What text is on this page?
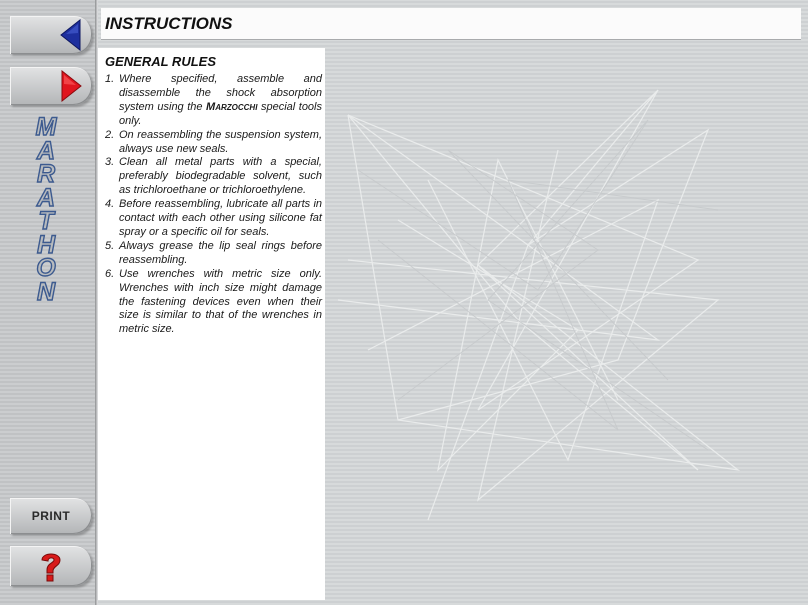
M
A
R
A
T
H
O
N
PRINT
INSTRUCTIONS
GENERAL RULES
1. Where specified, assemble and disassemble the shock absorption system using the Marzocchi special tools only.
2. On reassembling the suspension system, always use new seals.
3. Clean all metal parts with a special, preferably biodegradable solvent, such as trichloroethane or trichloroethylene.
4. Before reassembling, lubricate all parts in contact with each other using silicone fat spray or a specific oil for seals.
5. Always grease the lip seal rings before reassembling.
6. Use wrenches with metric size only. Wrenches with inch size might damage the fastening devices even when their size is similar to that of the wrenches in metric size.
